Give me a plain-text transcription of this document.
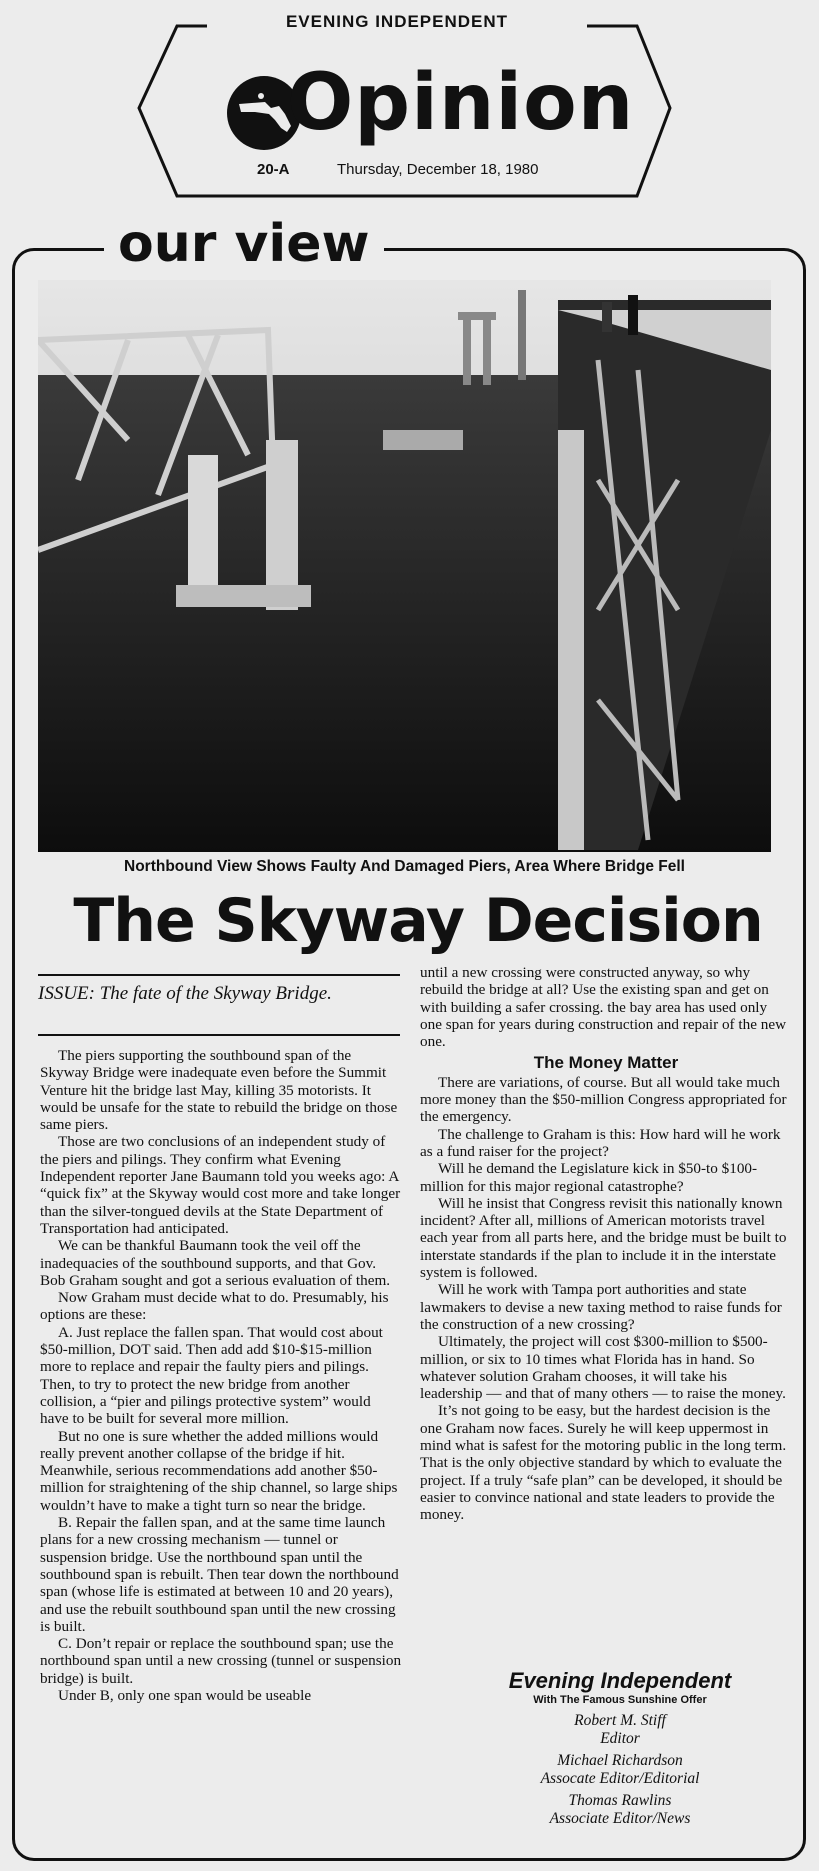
EVENING INDEPENDENT
Opinion
20-A	Thursday, December 18, 1980
our view
Northbound View Shows Faulty And Damaged Piers, Area Where Bridge Fell
The Skyway Decision
ISSUE: The fate of the Skyway Bridge.

The piers supporting the southbound span of the Skyway Bridge were inadequate even before the Summit Venture hit the bridge last May, killing 35 motorists. It would be unsafe for the state to rebuild the bridge on those same piers.

Those are two conclusions of an independent study of the piers and pilings. They confirm what Evening Independent reporter Jane Baumann told you weeks ago: A “quick fix” at the Skyway would cost more and take longer than the silver-tongued devils at the State Department of Transportation had anticipated.

We can be thankful Baumann took the veil off the inadequacies of the southbound supports, and that Gov. Bob Graham sought and got a serious evaluation of them.

Now Graham must decide what to do. Presumably, his options are these:

A. Just replace the fallen span. That would cost about $50-million, DOT said. Then add add $10-$15-million more to replace and repair the faulty piers and pilings. Then, to try to protect the new bridge from another collision, a “pier and pilings protective system” would have to be built for several more million.

But no one is sure whether the added millions would really prevent another collapse of the bridge if hit. Meanwhile, serious recommendations add another $50-million for straightening of the ship channel, so large ships wouldn’t have to make a tight turn so near the bridge.

B. Repair the fallen span, and at the same time launch plans for a new crossing mechanism — tunnel or suspension bridge. Use the northbound span until the southbound span is rebuilt. Then tear down the northbound span (whose life is estimated at between 10 and 20 years), and use the rebuilt southbound span until the new crossing is built.

C. Don’t repair or replace the southbound span; use the northbound span until a new crossing (tunnel or suspension bridge) is built.

Under B, only one span would be useable

until a new crossing were constructed anyway, so why rebuild the bridge at all? Use the existing span and get on with building a safer crossing. the bay area has used only one span for years during construction and repair of the new one.

The Money Matter

There are variations, of course. But all would take much more money than the $50-million Congress appropriated for the emergency.

The challenge to Graham is this: How hard will he work as a fund raiser for the project?

Will he demand the Legislature kick in $50-to $100-million for this major regional catastrophe?

Will he insist that Congress revisit this nationally known incident? After all, millions of American motorists travel each year from all parts here, and the bridge must be built to interstate standards if the plan to include it in the interstate system is followed.

Will he work with Tampa port authorities and state lawmakers to devise a new taxing method to raise funds for the construction of a new crossing?

Ultimately, the project will cost $300-million to $500-million, or six to 10 times what Florida has in hand. So whatever solution Graham chooses, it will take his leadership — and that of many others — to raise the money.

It’s not going to be easy, but the hardest decision is the one Graham now faces. Surely he will keep uppermost in mind what is safest for the motoring public in the long term. That is the only objective standard by which to evaluate the project. If a truly “safe plan” can be developed, it should be easier to convince national and state leaders to provide the money.

Evening Independent
With The Famous Sunshine Offer
Robert M. Stiff
Editor
Michael Richardson
Assocate Editor/Editorial
Thomas Rawlins
Associate Editor/News
